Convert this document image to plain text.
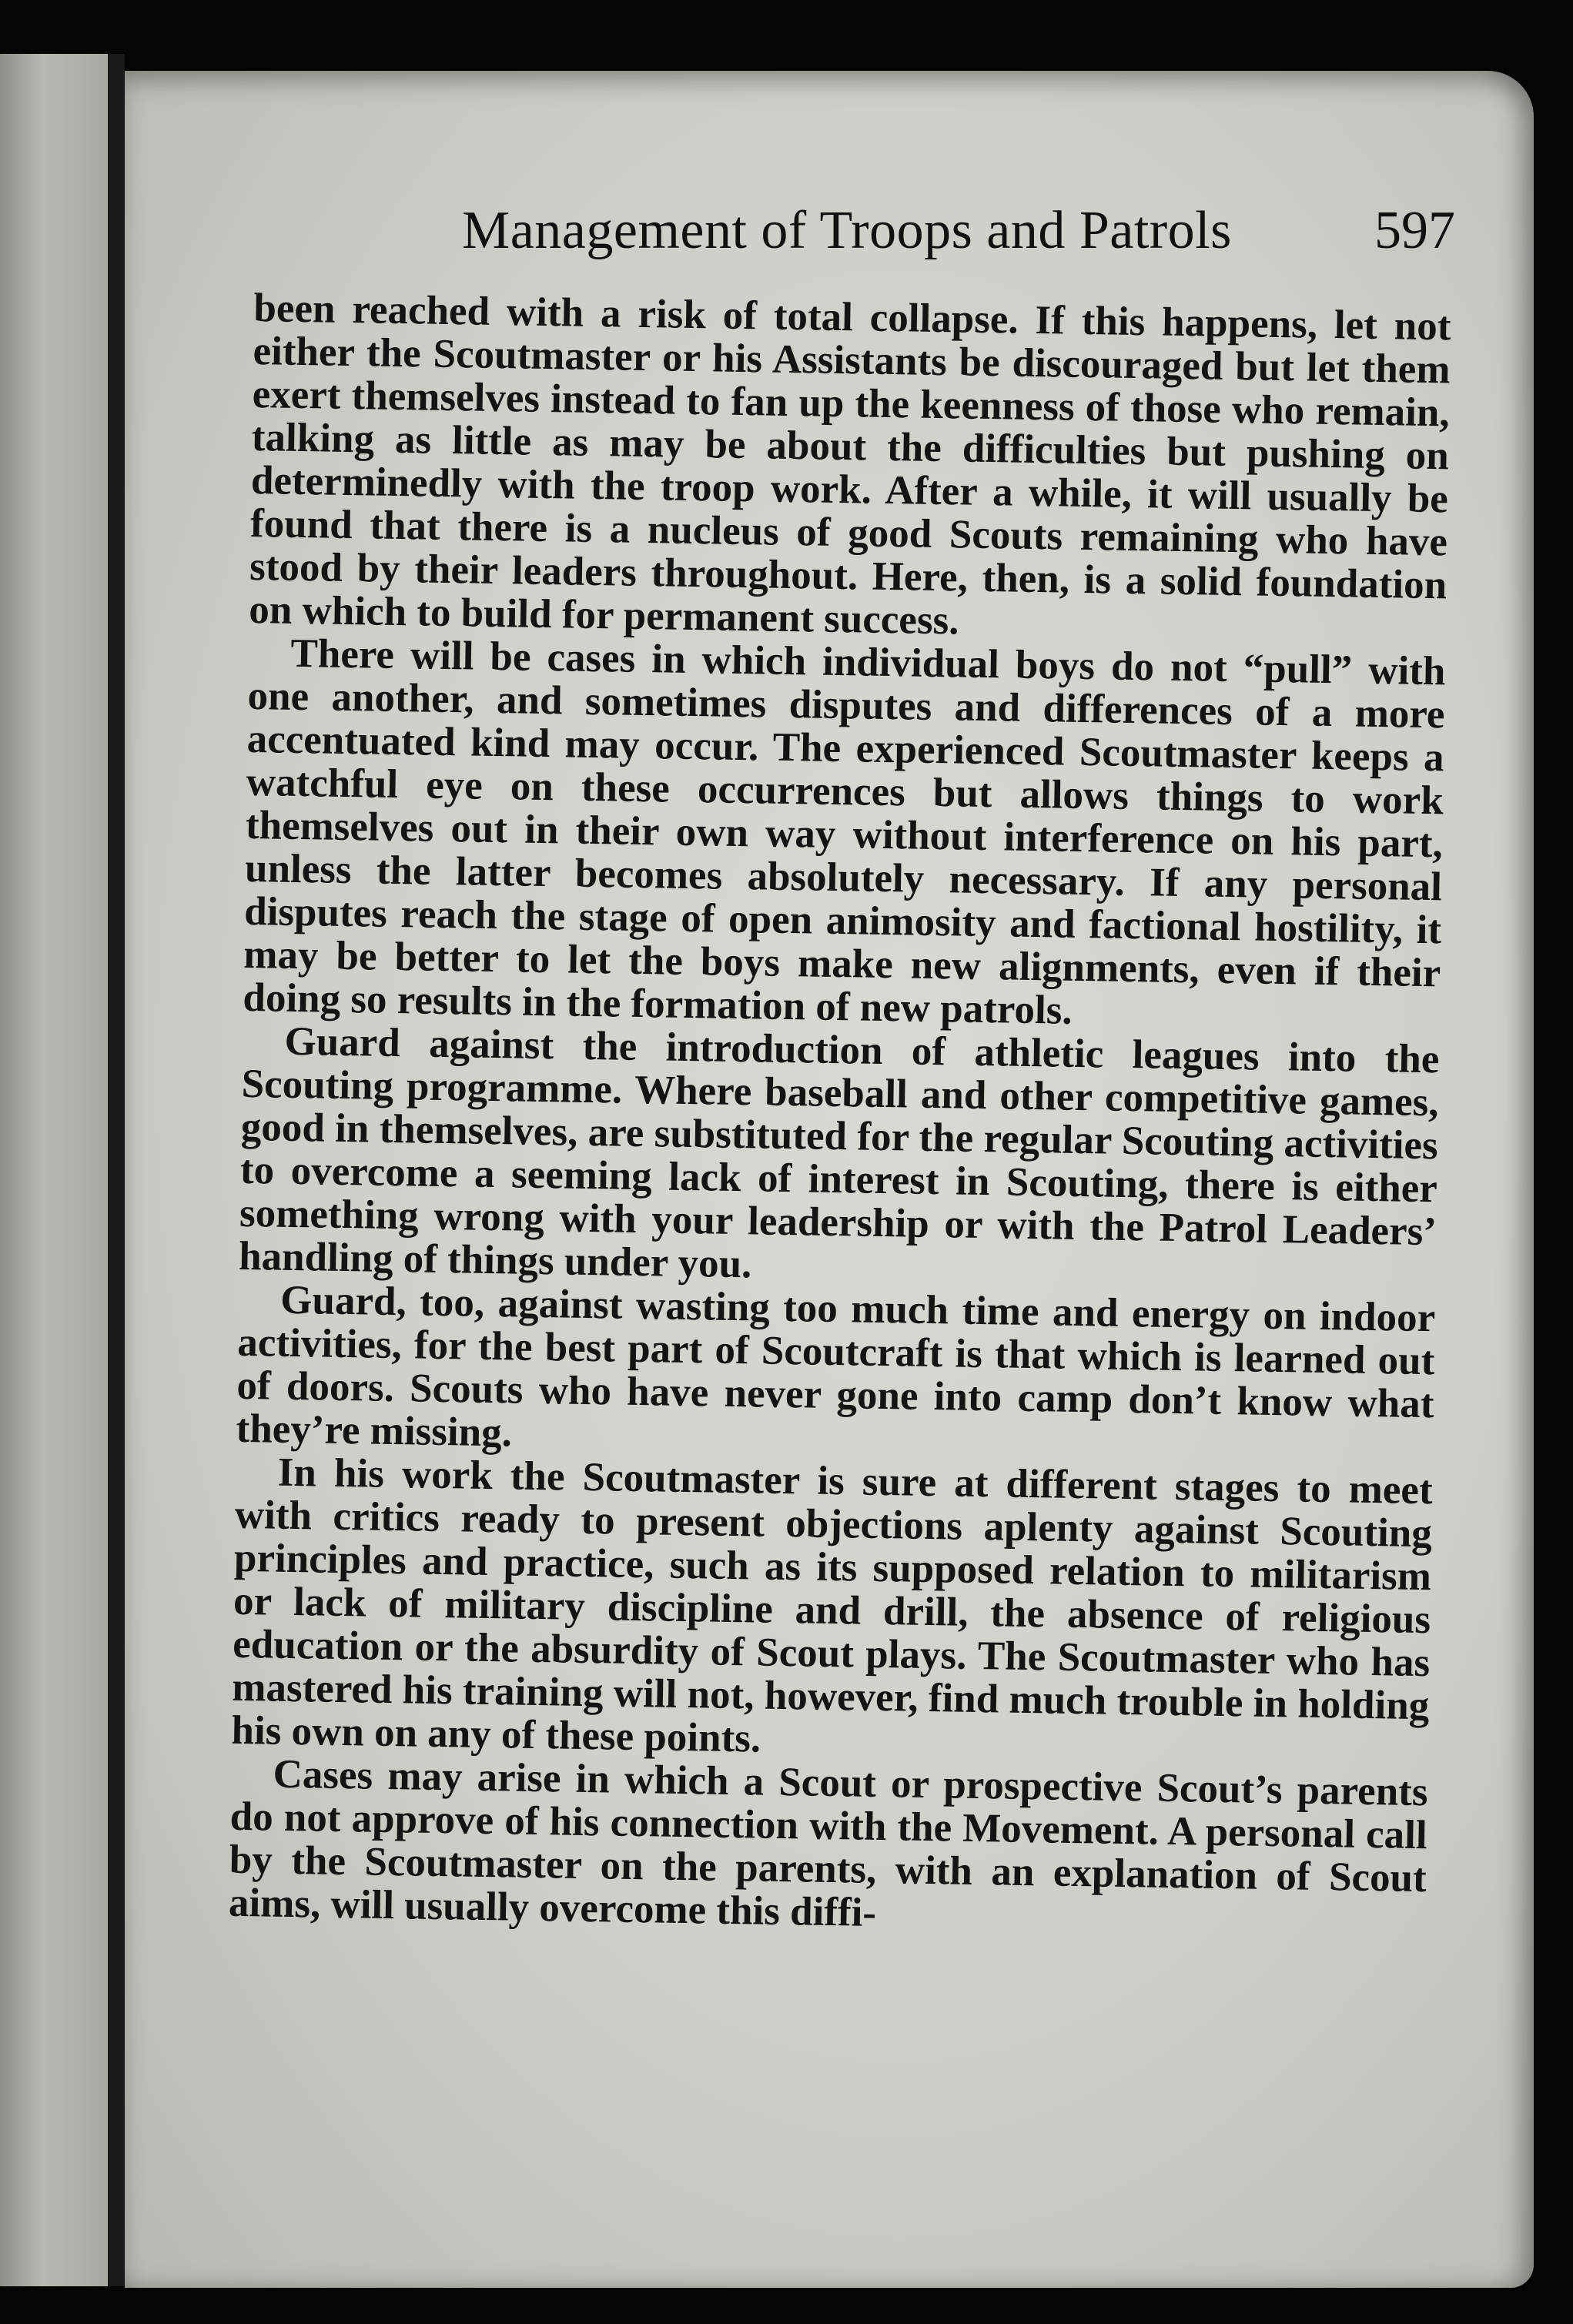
Management of Troops and Patrols	597

been reached with a risk of total collapse. If this happens, let not either the Scoutmaster or his Assistants be discouraged but let them exert themselves instead to fan up the keenness of those who remain, talking as little as may be about the difficulties but pushing on determinedly with the troop work. After a while, it will usually be found that there is a nucleus of good Scouts remaining who have stood by their leaders throughout. Here, then, is a solid foundation on which to build for permanent success.

There will be cases in which individual boys do not “pull” with one another, and sometimes disputes and differences of a more accentuated kind may occur. The experienced Scoutmaster keeps a watchful eye on these occurrences but allows things to work themselves out in their own way without interference on his part, unless the latter becomes absolutely necessary. If any personal disputes reach the stage of open animosity and factional hostility, it may be better to let the boys make new alignments, even if their doing so results in the formation of new patrols.

Guard against the introduction of athletic leagues into the Scouting programme. Where baseball and other competitive games, good in themselves, are substituted for the regular Scouting activities to overcome a seeming lack of interest in Scouting, there is either something wrong with your leadership or with the Patrol Leaders’ handling of things under you.

Guard, too, against wasting too much time and energy on indoor activities, for the best part of Scoutcraft is that which is learned out of doors. Scouts who have never gone into camp don’t know what they’re missing.

In his work the Scoutmaster is sure at different stages to meet with critics ready to present objections aplenty against Scouting principles and practice, such as its supposed relation to militarism or lack of military discipline and drill, the absence of religious education or the absurdity of Scout plays. The Scoutmaster who has mastered his training will not, however, find much trouble in holding his own on any of these points.

Cases may arise in which a Scout or prospective Scout’s parents do not approve of his connection with the Movement. A personal call by the Scoutmaster on the parents, with an explanation of Scout aims, will usually overcome this diffi-
